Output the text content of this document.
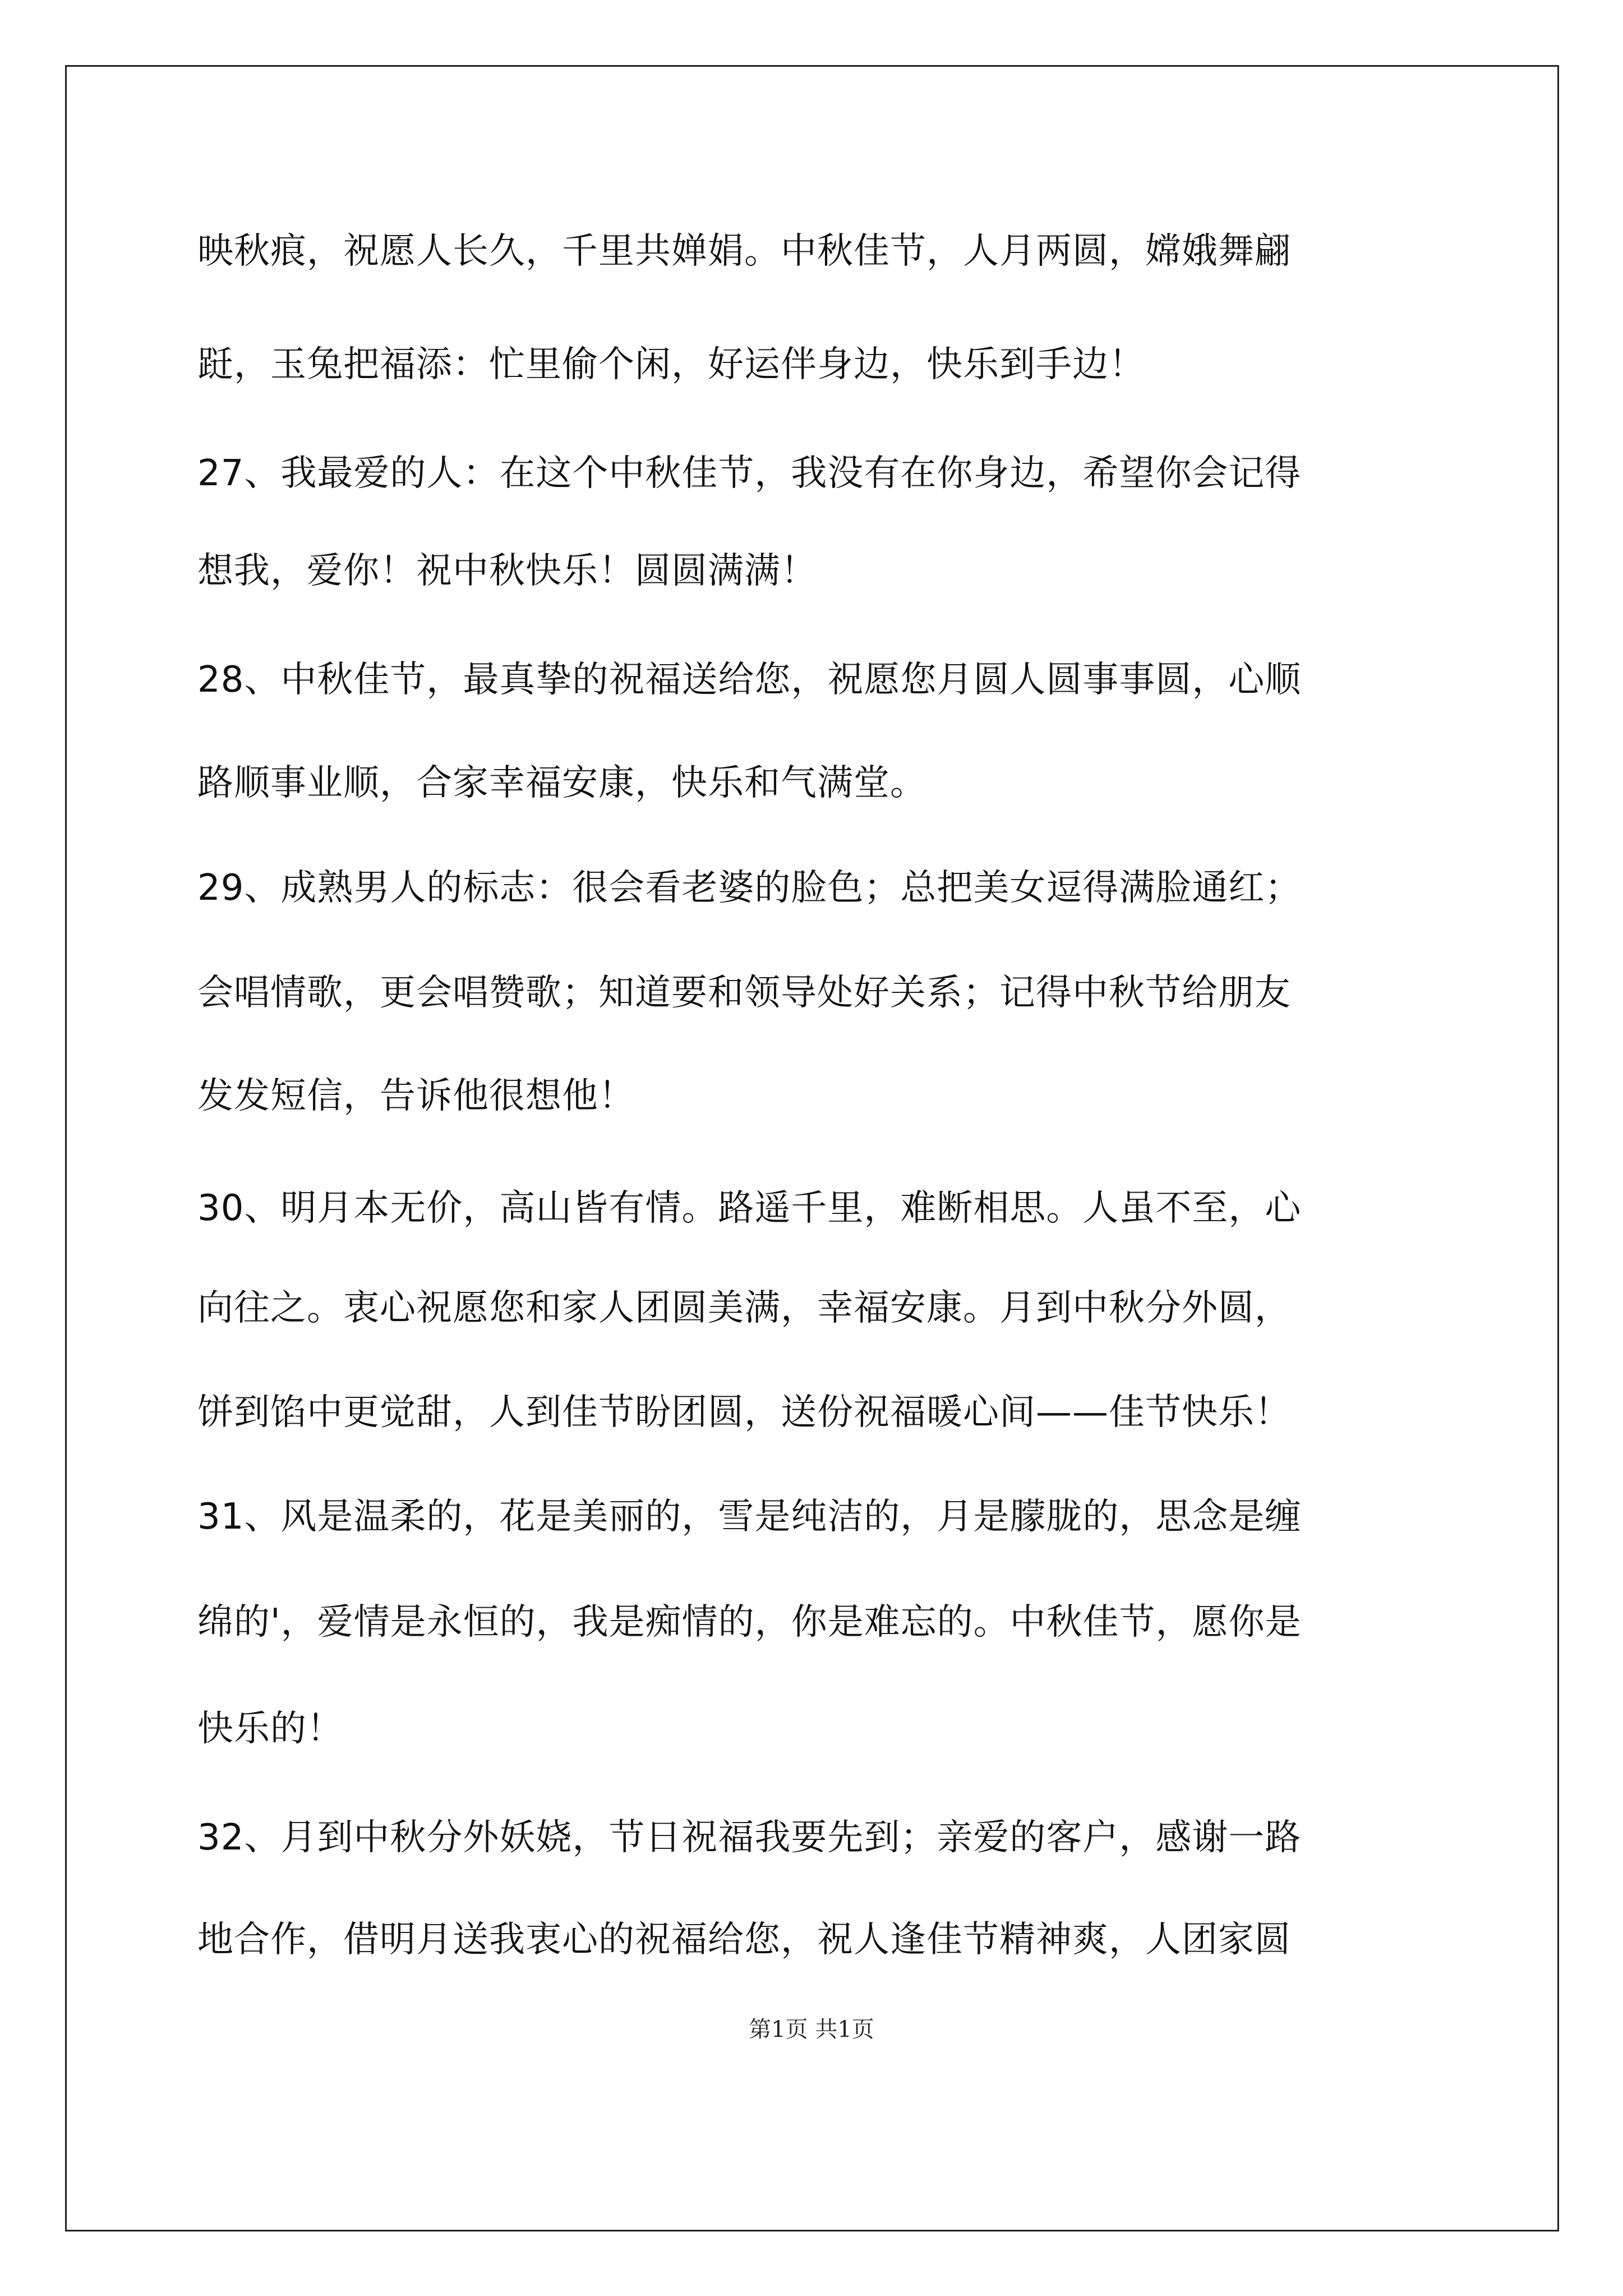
映秋痕，祝愿人长久，千里共婵娟。中秋佳节，人月两圆，嫦娥舞翩
跹，玉兔把福添：忙里偷个闲，好运伴身边，快乐到手边！
27、我最爱的人：在这个中秋佳节，我没有在你身边，希望你会记得
想我，爱你！祝中秋快乐！圆圆满满！
28、中秋佳节，最真挚的祝福送给您，祝愿您月圆人圆事事圆，心顺
路顺事业顺，合家幸福安康，快乐和气满堂。
29、成熟男人的标志：很会看老婆的脸色；总把美女逗得满脸通红；
会唱情歌，更会唱赞歌；知道要和领导处好关系；记得中秋节给朋友
发发短信，告诉他很想他！
30、明月本无价，高山皆有情。路遥千里，难断相思。人虽不至，心
向往之。衷心祝愿您和家人团圆美满，幸福安康。月到中秋分外圆，
饼到馅中更觉甜，人到佳节盼团圆，送份祝福暖心间——佳节快乐！
31、风是温柔的，花是美丽的，雪是纯洁的，月是朦胧的，思念是缠
绵的'，爱情是永恒的，我是痴情的，你是难忘的。中秋佳节，愿你是
快乐的！
32、月到中秋分外妖娆，节日祝福我要先到；亲爱的客户，感谢一路
地合作，借明月送我衷心的祝福给您，祝人逢佳节精神爽，人团家圆
第1页 共1页
